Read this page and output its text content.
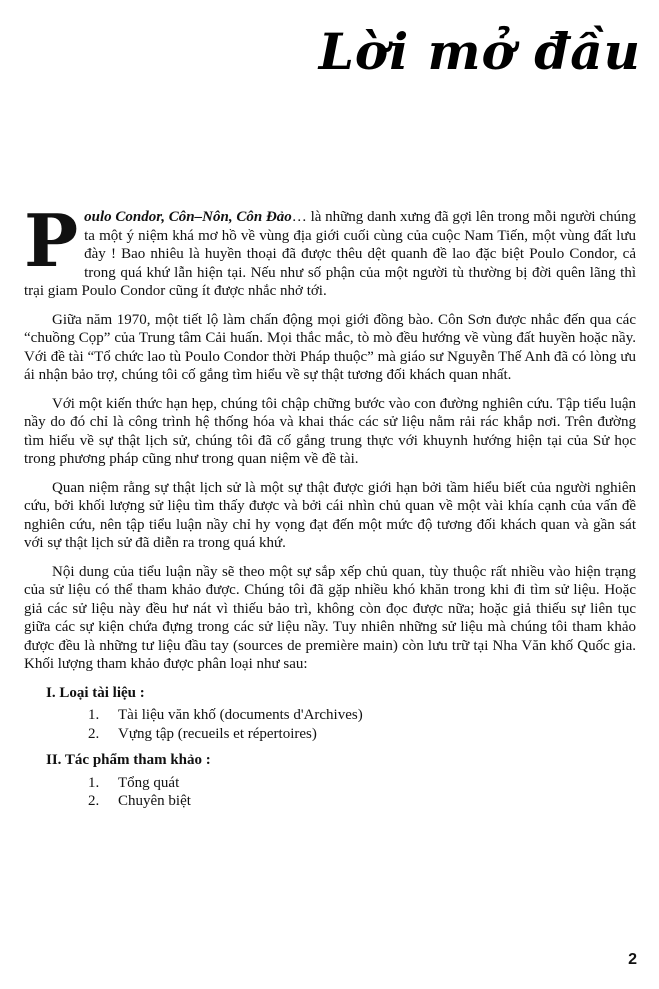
Lời mở đầu

Poulo Condor, Côn–Nôn, Côn Đảo… là những danh xưng đã gợi lên trong mỗi người chúng ta một ý niệm khá mơ hồ về vùng địa giới cuối cùng của cuộc Nam Tiến, một vùng đất lưu đày ! Bao nhiêu là huyền thoại đã được thêu dệt quanh đề lao đặc biệt Poulo Condor, cả trong quá khứ lẫn hiện tại. Nếu như số phận của một người tù thường bị đời quên lãng thì trại giam Poulo Condor cũng ít được nhắc nhở tới.

Giữa năm 1970, một tiết lộ làm chấn động mọi giới đồng bào. Côn Sơn được nhắc đến qua các “chuồng Cọp” của Trung tâm Cải huấn. Mọi thắc mắc, tò mò đều hướng về vùng đất huyền hoặc nầy. Với đề tài “Tổ chức lao tù Poulo Condor thời Pháp thuộc” mà giáo sư Nguyễn Thế Anh đã có lòng ưu ái nhận bảo trợ, chúng tôi cố gắng tìm hiểu về sự thật tương đối khách quan nhất.

Với một kiến thức hạn hẹp, chúng tôi chập chững bước vào con đường nghiên cứu. Tập tiểu luận nầy do đó chỉ là công trình hệ thống hóa và khai thác các sử liệu nằm rải rác khắp nơi. Trên đường tìm hiểu về sự thật lịch sử, chúng tôi đã cố gắng trung thực với khuynh hướng hiện tại của Sử học trong phương pháp cũng như trong quan niệm về đề tài.

Quan niệm rằng sự thật lịch sử là một sự thật được giới hạn bởi tầm hiểu biết của người nghiên cứu, bởi khối lượng sử liệu tìm thấy được và bởi cái nhìn chủ quan về một vài khía cạnh của vấn đề nghiên cứu, nên tập tiểu luận nầy chỉ hy vọng đạt đến một mức độ tương đối khách quan và gần sát với sự thật lịch sử đã diễn ra trong quá khứ.

Nội dung của tiểu luận nầy sẽ theo một sự sắp xếp chủ quan, tùy thuộc rất nhiều vào hiện trạng của sử liệu có thể tham khảo được. Chúng tôi đã gặp nhiều khó khăn trong khi đi tìm sử liệu. Hoặc giả các sử liệu này đều hư nát vì thiếu bảo trì, không còn đọc được nữa; hoặc giả thiếu sự liên tục giữa các sự kiện chứa đựng trong các sử liệu nầy. Tuy nhiên những sử liệu mà chúng tôi tham khảo được đều là những tư liệu đầu tay (sources de première main) còn lưu trữ tại Nha Văn khố Quốc gia. Khối lượng tham khảo được phân loại như sau:

I. Loại tài liệu :
1.	Tài liệu văn khố (documents d'Archives)
2.	Vựng tập (recueils et répertoires)
II. Tác phẩm tham khảo :
1.	Tổng quát
2.	Chuyên biệt
2
